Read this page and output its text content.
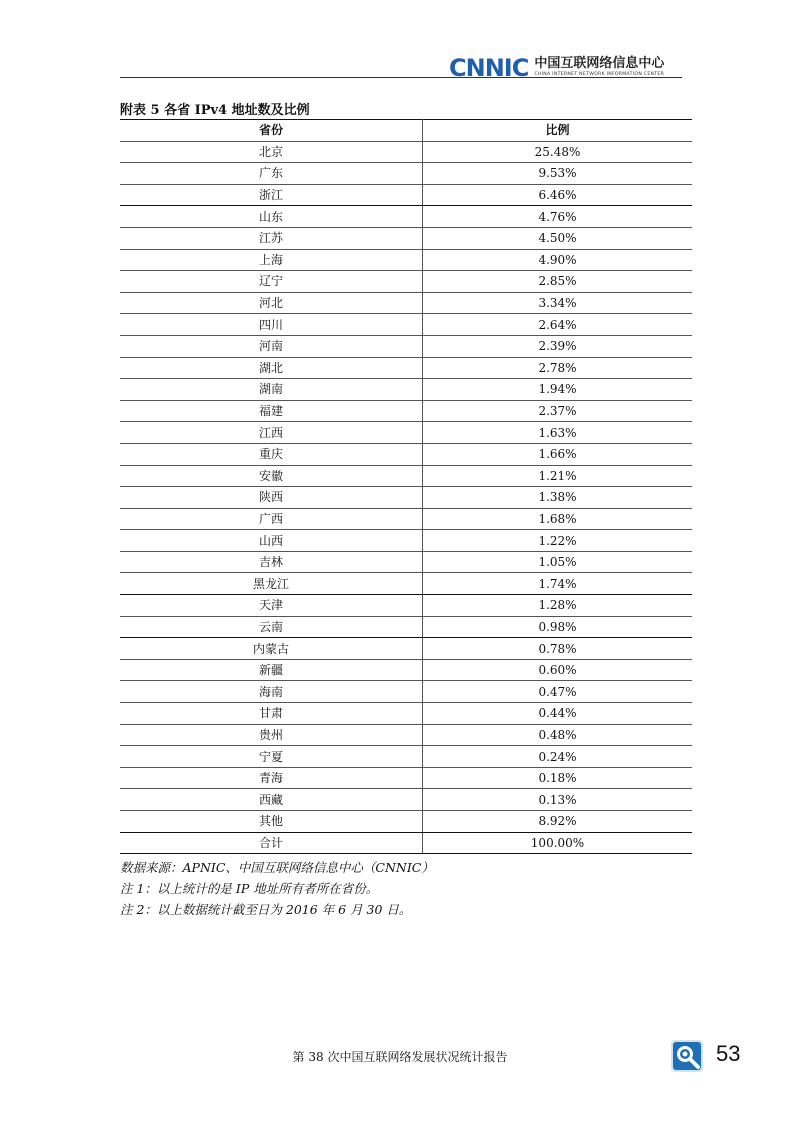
CNNIC 中国互联网络信息中心
CHINA INTERNET NETWORK INFORMATION CENTER
附表 5 各省 IPv4 地址数及比例
省份	比例
北京	25.48%
广东	9.53%
浙江	6.46%
山东	4.76%
江苏	4.50%
上海	4.90%
辽宁	2.85%
河北	3.34%
四川	2.64%
河南	2.39%
湖北	2.78%
湖南	1.94%
福建	2.37%
江西	1.63%
重庆	1.66%
安徽	1.21%
陕西	1.38%
广西	1.68%
山西	1.22%
吉林	1.05%
黑龙江	1.74%
天津	1.28%
云南	0.98%
内蒙古	0.78%
新疆	0.60%
海南	0.47%
甘肃	0.44%
贵州	0.48%
宁夏	0.24%
青海	0.18%
西藏	0.13%
其他	8.92%
合计	100.00%
数据来源：APNIC、中国互联网络信息中心（CNNIC）
注 1：以上统计的是 IP 地址所有者所在省份。
注 2：以上数据统计截至日为 2016 年 6 月 30 日。
第 38 次中国互联网络发展状况统计报告	53
